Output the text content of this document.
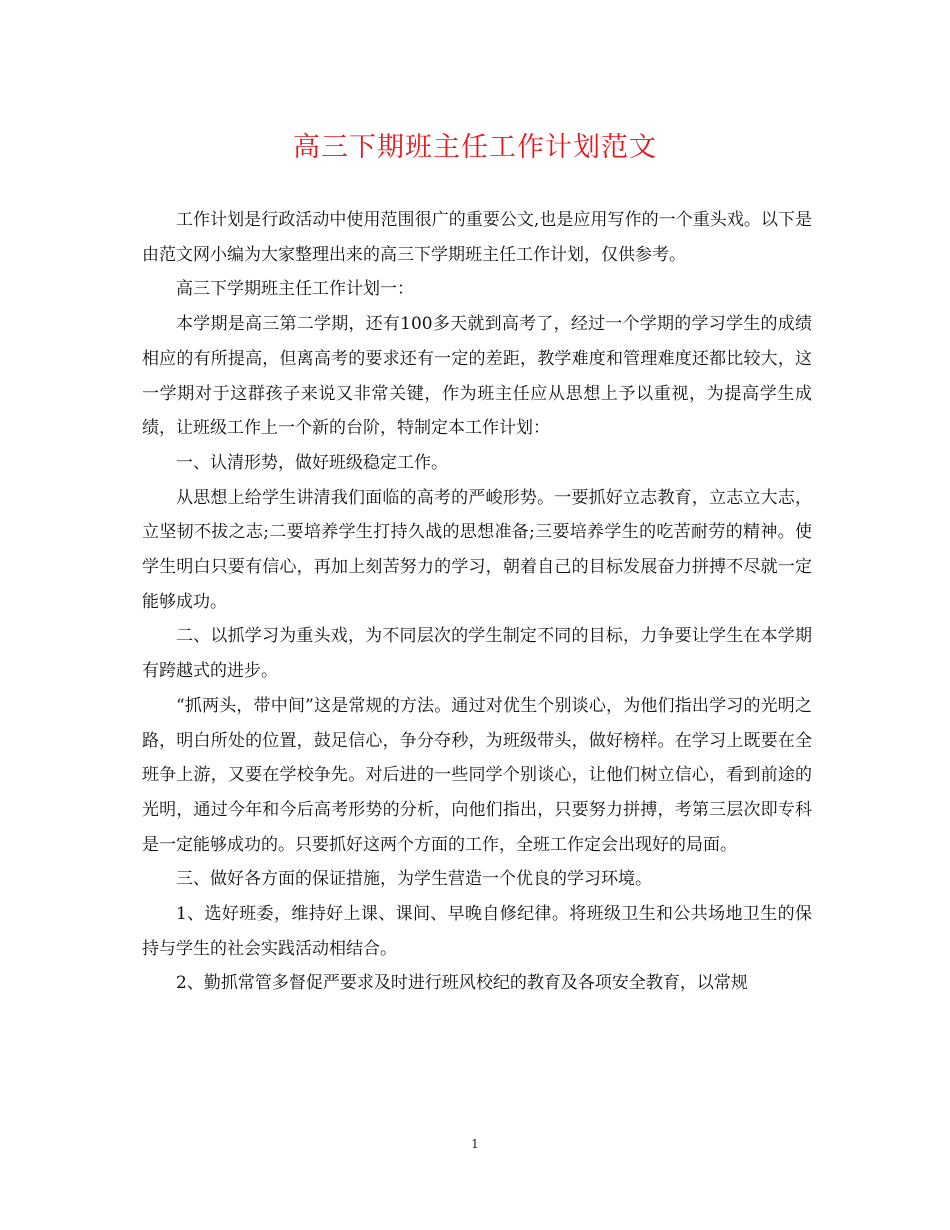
高三下期班主任工作计划范文

工作计划是行政活动中使用范围很广的重要公文,也是应用写作的一个重头戏。以下是由范文网小编为大家整理出来的高三下学期班主任工作计划，仅供参考。

高三下学期班主任工作计划一：

本学期是高三第二学期，还有100多天就到高考了，经过一个学期的学习学生的成绩相应的有所提高，但离高考的要求还有一定的差距，教学难度和管理难度还都比较大，这一学期对于这群孩子来说又非常关键，作为班主任应从思想上予以重视，为提高学生成绩，让班级工作上一个新的台阶，特制定本工作计划：

一、认清形势，做好班级稳定工作。

从思想上给学生讲清我们面临的高考的严峻形势。一要抓好立志教育，立志立大志，立坚韧不拔之志;二要培养学生打持久战的思想准备;三要培养学生的吃苦耐劳的精神。使学生明白只要有信心，再加上刻苦努力的学习，朝着自己的目标发展奋力拼搏不尽就一定能够成功。

二、以抓学习为重头戏，为不同层次的学生制定不同的目标，力争要让学生在本学期有跨越式的进步。

“抓两头，带中间”这是常规的方法。通过对优生个别谈心，为他们指出学习的光明之路，明白所处的位置，鼓足信心，争分夺秒，为班级带头，做好榜样。在学习上既要在全班争上游，又要在学校争先。对后进的一些同学个别谈心，让他们树立信心，看到前途的光明，通过今年和今后高考形势的分析，向他们指出，只要努力拼搏，考第三层次即专科是一定能够成功的。只要抓好这两个方面的工作，全班工作定会出现好的局面。

三、做好各方面的保证措施，为学生营造一个优良的学习环境。

1、选好班委，维持好上课、课间、早晚自修纪律。将班级卫生和公共场地卫生的保持与学生的社会实践活动相结合。

2、勤抓常管多督促严要求及时进行班风校纪的教育及各项安全教育，以常规

1
